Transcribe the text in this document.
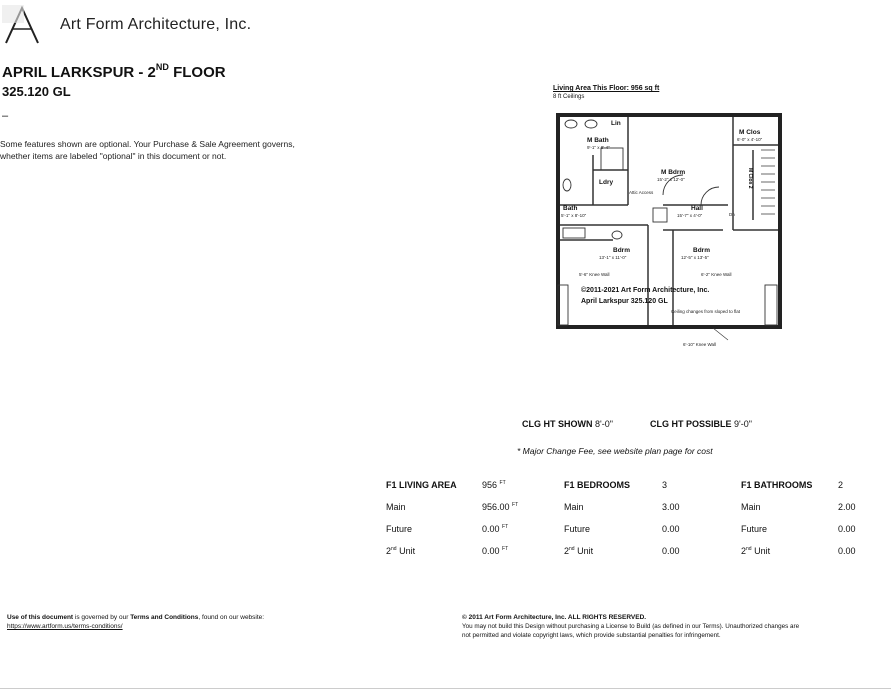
Art Form Architecture, Inc.
APRIL LARKSPUR - 2ND FLOOR
325.120 GL
–
Some features shown are optional. Your Purchase & Sale Agreement governs, whether items are labeled "optional" in this document or not.
Living Area This Floor: 956 sq ft
8 ft Ceilings
M Bath
M Clos
M Bdrm
Lin
Ldry
Bath	Hall
Bdrm	Bdrm
©2011-2021 Art Form Architecture, Inc.
April Larkspur 325.120 GL
9'-1" x 8'-4"
6'-0" x 4'-10"
15'-2" x 12'-0"
5'-1" x 8'-10"	15'-7" x 4'-0"
13'-1" x 11'-0"	12'-5" x 13'-5"
5'-6" Knee Wall	6'-2" Knee Wall
Ceiling changes from sloped to flat
Attic Access
Dn
6'-10" Knee Wall
M Clos 2
CLG HT SHOWN 8'-0"	CLG HT POSSIBLE 9'-0"
* Major Change Fee, see website plan page for cost
F1 LIVING AREA	956 $^{FT}$
Main	956.00 $^{FT}$
Future	0.00 $^{FT}$
2nd Unit	0.00 $^{FT}$
F1 BEDROOMS	3
Main	3.00
Future	0.00
2nd Unit	0.00
F1 BATHROOMS	2
Main	2.00
Future	0.00
2nd Unit	0.00
Use of this document is governed by our Terms and Conditions, found on our website:
https://www.artform.us/terms-conditions/
© 2011 Art Form Architecture, Inc. ALL RIGHTS RESERVED.
You may not build this Design without purchasing a License to Build (as defined in our Terms). Unauthorized changes are
not permitted and violate copyright laws, which provide substantial penalties for infringement.
